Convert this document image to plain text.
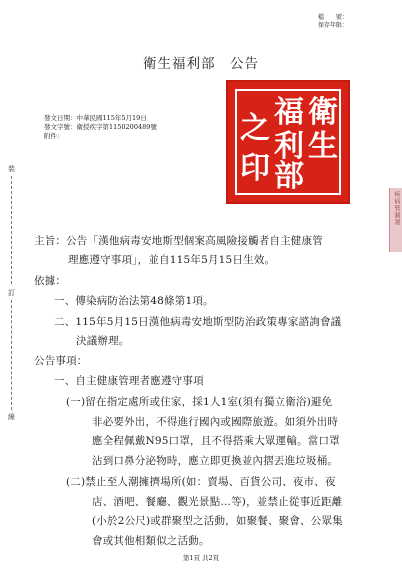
檔　　號：
保存年限：
衛生福利部　公告
發文日期：中華民國115年5月19日
發文字號：衛授疾字第1150200489號
附件：
衛
生
福
利
部
之
印
裝
訂
線
疾病管制署
主旨：公告「漢他病毒安地斯型個案高風險接觸者自主健康管
理應遵守事項」，並自115年5月15日生效。
依據：
一、傳染病防治法第48條第1項。
二、115年5月15日漢他病毒安地斯型防治政策專家諮詢會議
決議辦理。
公告事項：
一、自主健康管理者應遵守事項
(一)留在指定處所或住家，採1人1室(須有獨立衛浴)避免
非必要外出，不得進行國內或國際旅遊。如須外出時
應全程佩戴N95口罩，且不得搭乘大眾運輸。當口罩
沾到口鼻分泌物時，應立即更換並內摺丟進垃圾桶。
(二)禁止至人潮擁擠場所(如：賣場、百貨公司、夜市、夜
店、酒吧、餐廳、觀光景點…等)，並禁止從事近距離
(小於2公尺)或群聚型之活動，如聚餐、聚會、公眾集
會或其他相類似之活動。
第1頁 共2頁
